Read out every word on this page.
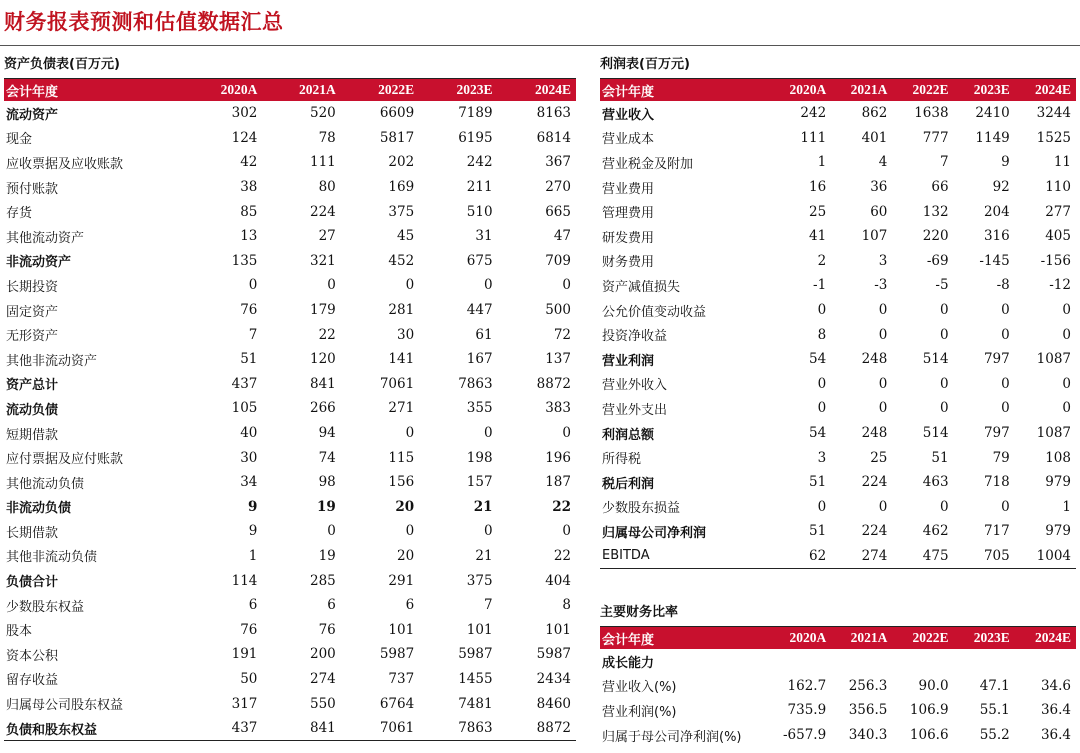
财务报表预测和估值数据汇总
资产负债表(百万元)
会计年度	2020A	2021A	2022E	2023E	2024E
流动资产	302	520	6609	7189	8163
现金	124	78	5817	6195	6814
应收票据及应收账款	42	111	202	242	367
预付账款	38	80	169	211	270
存货	85	224	375	510	665
其他流动资产	13	27	45	31	47
非流动资产	135	321	452	675	709
长期投资	0	0	0	0	0
固定资产	76	179	281	447	500
无形资产	7	22	30	61	72
其他非流动资产	51	120	141	167	137
资产总计	437	841	7061	7863	8872
流动负债	105	266	271	355	383
短期借款	40	94	0	0	0
应付票据及应付账款	30	74	115	198	196
其他流动负债	34	98	156	157	187
非流动负债	9	19	20	21	22
长期借款	9	0	0	0	0
其他非流动负债	1	19	20	21	22
负债合计	114	285	291	375	404
少数股东权益	6	6	6	7	8
股本	76	76	101	101	101
资本公积	191	200	5987	5987	5987
留存收益	50	274	737	1455	2434
归属母公司股东权益	317	550	6764	7481	8460
负债和股东权益	437	841	7061	7863	8872
利润表(百万元)
会计年度	2020A	2021A	2022E	2023E	2024E
营业收入	242	862	1638	2410	3244
营业成本	111	401	777	1149	1525
营业税金及附加	1	4	7	9	11
营业费用	16	36	66	92	110
管理费用	25	60	132	204	277
研发费用	41	107	220	316	405
财务费用	2	3	-69	-145	-156
资产减值损失	-1	-3	-5	-8	-12
公允价值变动收益	0	0	0	0	0
投资净收益	8	0	0	0	0
营业利润	54	248	514	797	1087
营业外收入	0	0	0	0	0
营业外支出	0	0	0	0	0
利润总额	54	248	514	797	1087
所得税	3	25	51	79	108
税后利润	51	224	463	718	979
少数股东损益	0	0	0	0	1
归属母公司净利润	51	224	462	717	979
EBITDA	62	274	475	705	1004
主要财务比率
会计年度	2020A	2021A	2022E	2023E	2024E
成长能力					
营业收入(%)	162.7	256.3	90.0	47.1	34.6
营业利润(%)	735.9	356.5	106.9	55.1	36.4
归属于母公司净利润(%)	-657.9	340.3	106.6	55.2	36.4
